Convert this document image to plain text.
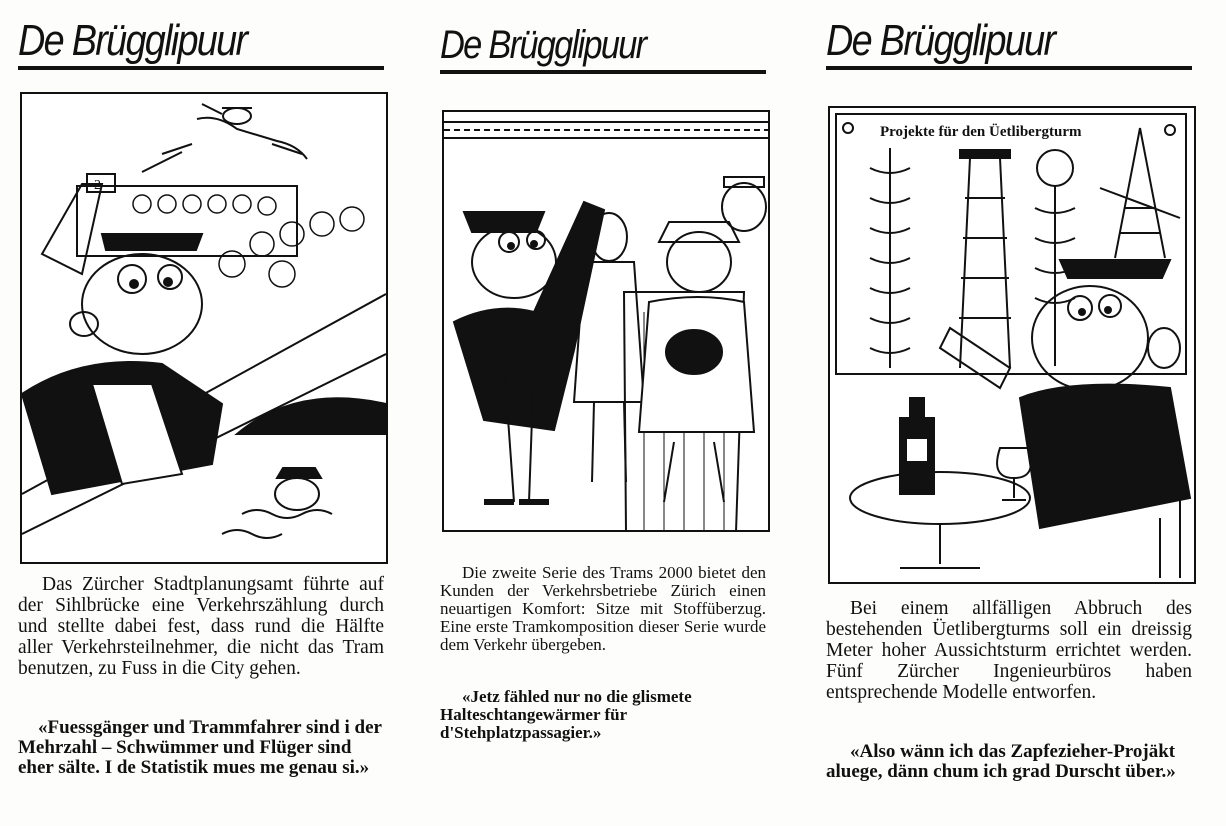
De Brügglipuur
2
Das Zürcher Stadtplanungsamt führte auf der Sihlbrücke eine Verkehrszählung durch und stellte dabei fest, dass rund die Hälfte aller Verkehrsteilnehmer, die nicht das Tram benutzen, zu Fuss in die City gehen.
«Fuessgänger und Trammfahrer sind i der Mehrzahl – Schwümmer und Flüger sind eher sälte. I de Statistik mues me genau si.»
De Brügglipuur
Die zweite Serie des Trams 2000 bietet den Kunden der Verkehrsbetriebe Zürich einen neuartigen Komfort: Sitze mit Stoffüberzug. Eine erste Tramkomposition dieser Serie wurde dem Verkehr übergeben.
«Jetz fähled nur no die glismete Halteschtangewärmer für d'Stehplatzpassagier.»
De Brügglipuur
Projekte für den Üetlibergturm
Bei einem allfälligen Abbruch des bestehenden Üetlibergturms soll ein dreissig Meter hoher Aussichtsturm errichtet werden. Fünf Zürcher Ingenieurbüros haben entsprechende Modelle entworfen.
«Also wänn ich das Zapfezieher-Projäkt aluege, dänn chum ich grad Durscht über.»
